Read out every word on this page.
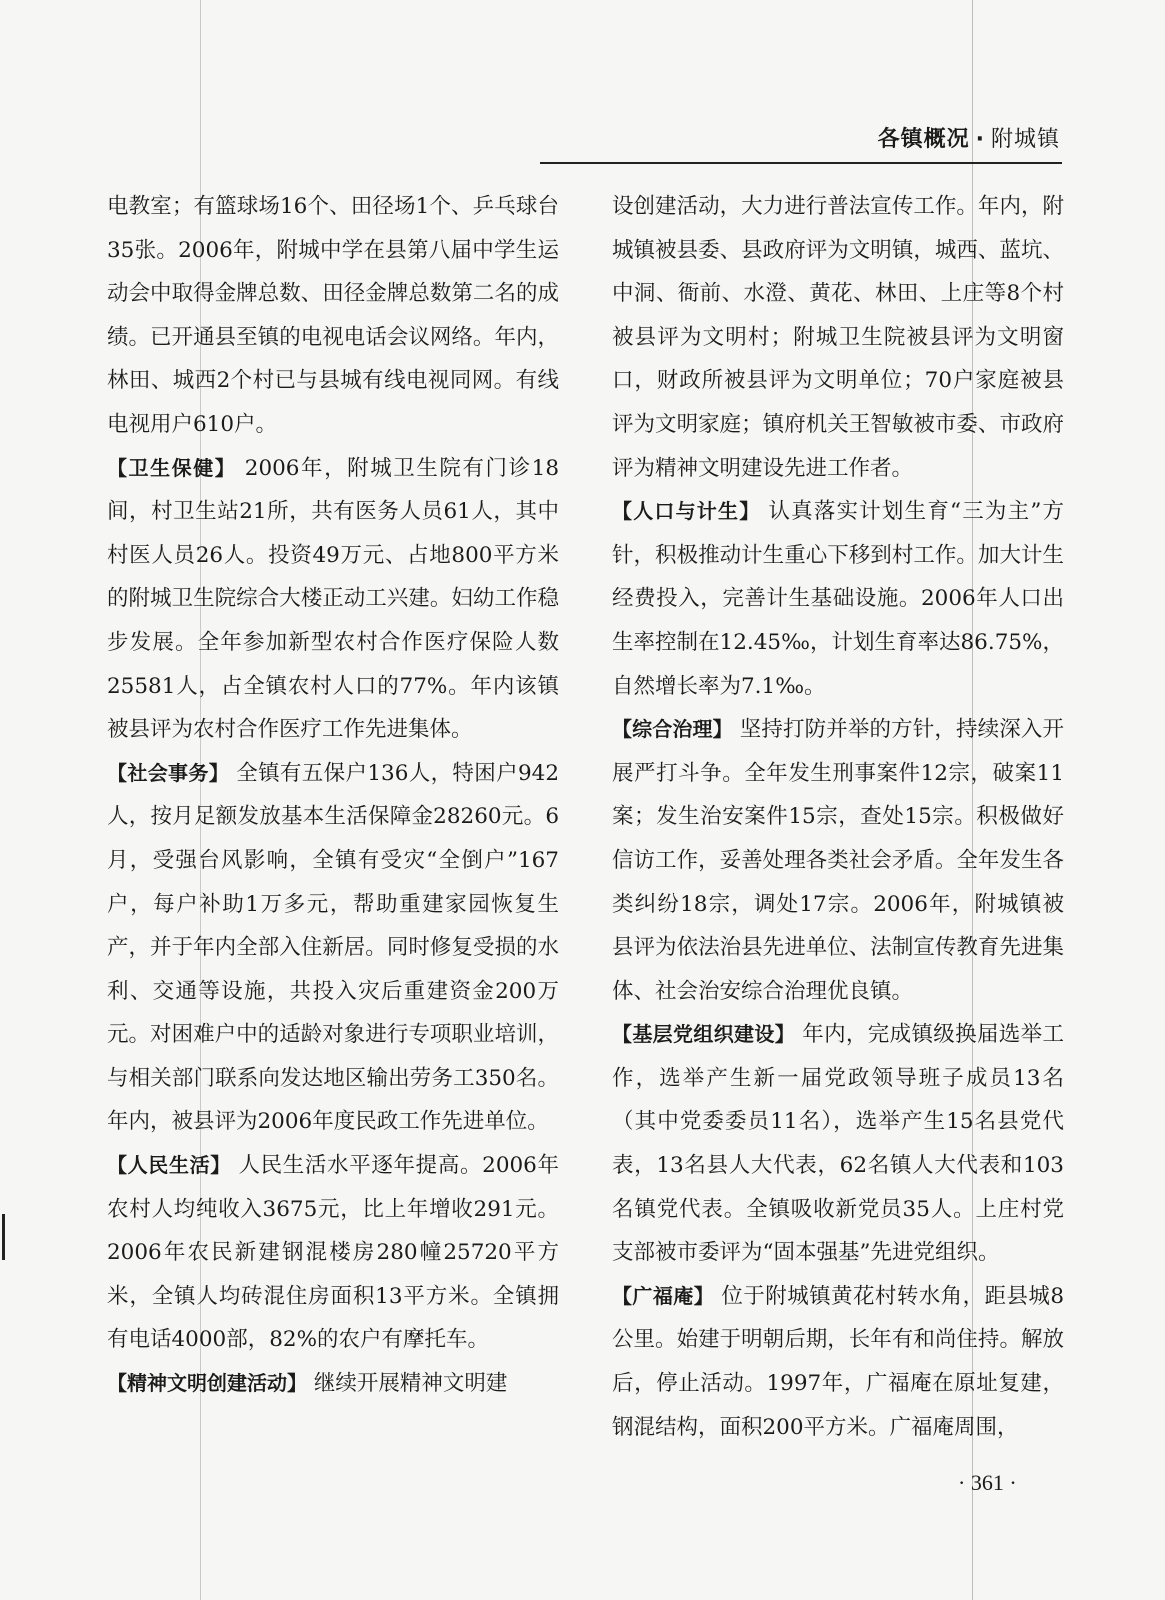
各镇概况 · 附城镇

电教室；有篮球场16个、田径场1个、乒乓球台35张。2006年，附城中学在县第八届中学生运动会中取得金牌总数、田径金牌总数第二名的成绩。已开通县至镇的电视电话会议网络。年内，林田、城西2个村已与县城有线电视同网。有线电视用户610户。

【卫生保健】 2006年，附城卫生院有门诊18间，村卫生站21所，共有医务人员61人，其中村医人员26人。投资49万元、占地800平方米的附城卫生院综合大楼正动工兴建。妇幼工作稳步发展。全年参加新型农村合作医疗保险人数25581人，占全镇农村人口的77%。年内该镇被县评为农村合作医疗工作先进集体。

【社会事务】 全镇有五保户136人，特困户942人，按月足额发放基本生活保障金28260元。6月，受强台风影响，全镇有受灾“全倒户”167户，每户补助1万多元，帮助重建家园恢复生产，并于年内全部入住新居。同时修复受损的水利、交通等设施，共投入灾后重建资金200万元。对困难户中的适龄对象进行专项职业培训，与相关部门联系向发达地区输出劳务工350名。年内，被县评为2006年度民政工作先进单位。

【人民生活】 人民生活水平逐年提高。2006年农村人均纯收入3675元，比上年增收291元。2006年农民新建钢混楼房280幢25720平方米，全镇人均砖混住房面积13平方米。全镇拥有电话4000部，82%的农户有摩托车。

【精神文明创建活动】 继续开展精神文明建

设创建活动，大力进行普法宣传工作。年内，附城镇被县委、县政府评为文明镇，城西、蓝坑、中洞、衙前、水澄、黄花、林田、上庄等8个村被县评为文明村；附城卫生院被县评为文明窗口，财政所被县评为文明单位；70户家庭被县评为文明家庭；镇府机关王智敏被市委、市政府评为精神文明建设先进工作者。

【人口与计生】 认真落实计划生育“三为主”方针，积极推动计生重心下移到村工作。加大计生经费投入，完善计生基础设施。2006年人口出生率控制在12.45‰，计划生育率达86.75%，自然增长率为7.1‰。

【综合治理】 坚持打防并举的方针，持续深入开展严打斗争。全年发生刑事案件12宗，破案11案；发生治安案件15宗，查处15宗。积极做好信访工作，妥善处理各类社会矛盾。全年发生各类纠纷18宗，调处17宗。2006年，附城镇被县评为依法治县先进单位、法制宣传教育先进集体、社会治安综合治理优良镇。

【基层党组织建设】 年内，完成镇级换届选举工作，选举产生新一届党政领导班子成员13名（其中党委委员11名），选举产生15名县党代表，13名县人大代表，62名镇人大代表和103名镇党代表。全镇吸收新党员35人。上庄村党支部被市委评为“固本强基”先进党组织。

【广福庵】 位于附城镇黄花村转水角，距县城8公里。始建于明朝后期，长年有和尚住持。解放后，停止活动。1997年，广福庵在原址复建，钢混结构，面积200平方米。广福庵周围，

· 361 ·
